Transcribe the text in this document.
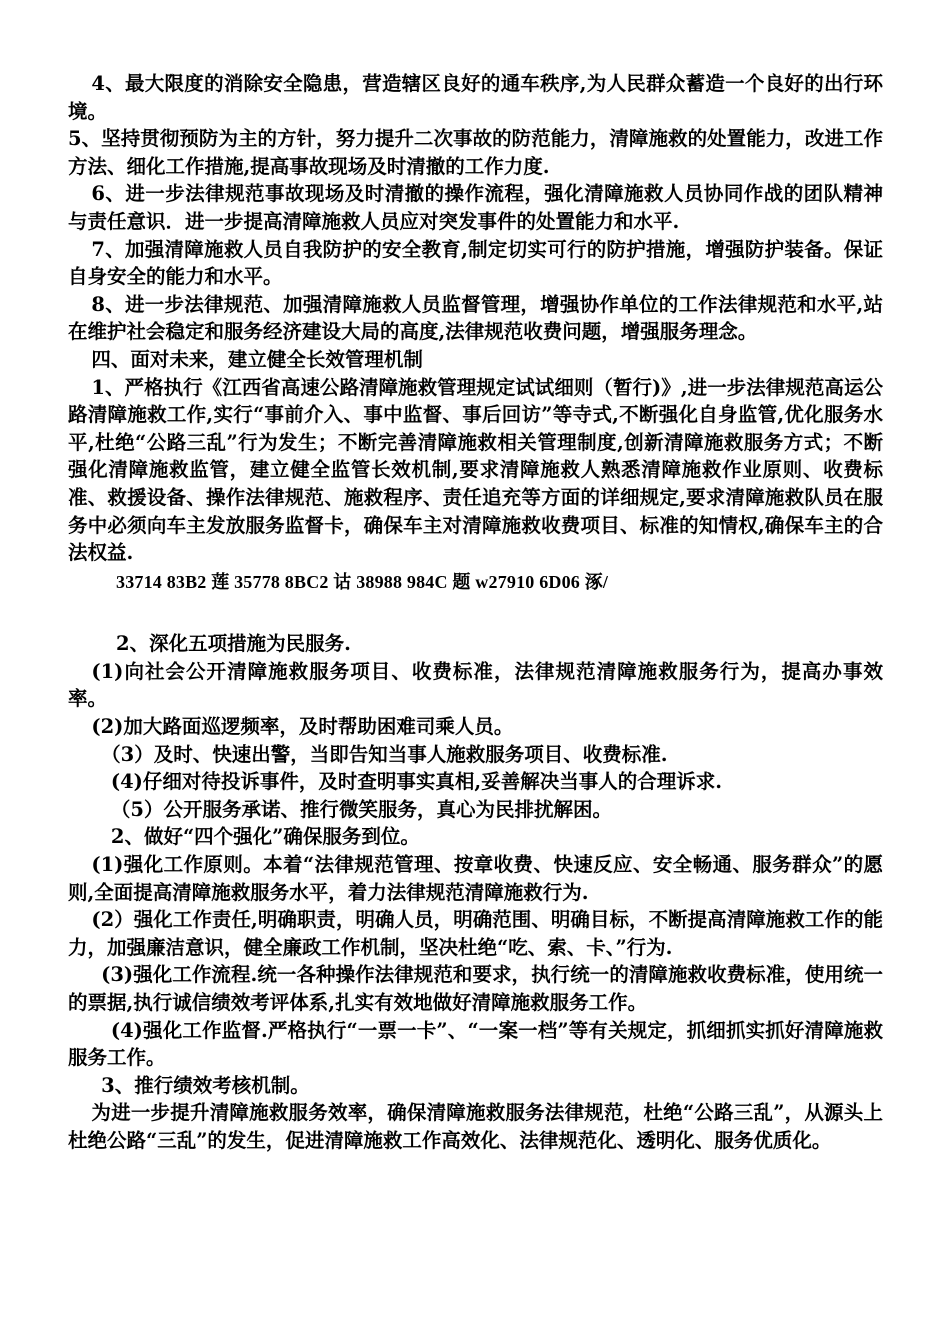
4、最大限度的消除安全隐患，营造辖区良好的通车秩序,为人民群众蓄造一个良好的出行环境。

5、坚持贯彻预防为主的方针，努力提升二次事故的防范能力，清障施救的处置能力，改进工作方法、细化工作措施,提高事故现场及时清撤的工作力度.

6、进一步法律规范事故现场及时清撤的操作流程，强化清障施救人员协同作战的团队精神与责任意识．进一步提高清障施救人员应对突发事件的处置能力和水平.

7、加强清障施救人员自我防护的安全教育,制定切实可行的防护措施，增强防护装备。保证自身安全的能力和水平。

8、进一步法律规范、加强清障施救人员监督管理，增强协作单位的工作法律规范和水平,站在维护社会稳定和服务经济建设大局的高度,法律规范收费问题，增强服务理念。

四、面对未来，建立健全长效管理机制

1、严格执行《江西省高速公路清障施救管理规定试试细则（暂行)》,进一步法律规范高运公路清障施救工作,实行“事前介入、事中监督、事后回访”等寺式,不断强化自身监管,优化服务水平,杜绝“公路三乱”行为发生；不断完善清障施救相关管理制度,创新清障施救服务方式；不断强化清障施救监管，建立健全监管长效机制,要求清障施救人熟悉清障施救作业原则、收费标准、救援设备、操作法律规范、施救程序、责任追充等方面的详细规定,要求清障施救队员在服务中必须向车主发放服务监督卡，确保车主对清障施救收费项目、标准的知情权,确保车主的合法权益.

33714 83B2 莲 35778 8BC2 诂 38988 984C 题 w27910 6D06 涿/

2、深化五项措施为民服务.

(1)向社会公开清障施救服务项目、收费标准，法律规范清障施救服务行为，提高办事效率。

(2)加大路面巡逻频率，及时帮助困难司乘人员。

（3）及时、快速出警，当即告知当事人施救服务项目、收费标准.

(4)仔细对待投诉事件，及时查明事实真相,妥善解决当事人的合理诉求.

（5）公开服务承诺、推行微笑服务，真心为民排扰解困。

2、做好“四个强化”确保服务到位。

(1)强化工作原则。本着“法律规范管理、按章收费、快速反应、安全畅通、服务群众”的愿则,全面提高清障施救服务水平，着力法律规范清障施救行为.

(2）强化工作责任,明确职责，明确人员，明确范围、明确目标，不断提高清障施救工作的能力，加强廉洁意识，健全廉政工作机制，坚决杜绝“吃、索、卡、”行为.

(3)强化工作流程.统一各种操作法律规范和要求，执行统一的清障施救收费标准，使用统一的票据,执行诚信绩效考评体系,扎实有效地做好清障施救服务工作。

(4)强化工作监督.严格执行“一票一卡”、“一案一档”等有关规定，抓细抓实抓好清障施救服务工作。

3、推行绩效考核机制。

为进一步提升清障施救服务效率，确保清障施救服务法律规范，杜绝“公路三乱”，从源头上杜绝公路“三乱”的发生，促进清障施救工作高效化、法律规范化、透明化、服务优质化。
